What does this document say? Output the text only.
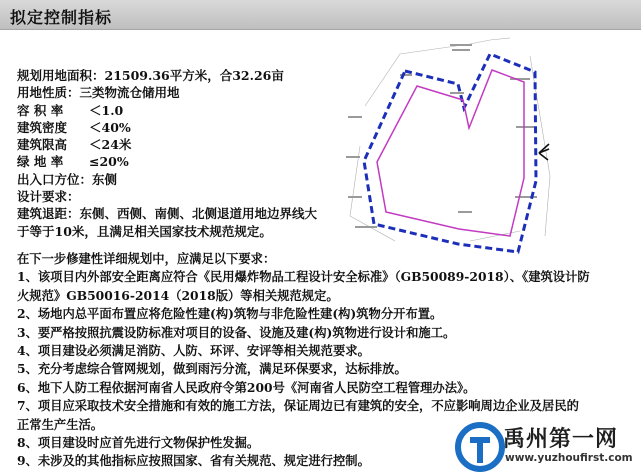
拟定控制指标
规划用地面积：21509.36平方米，合32.26亩
用地性质：三类物流仓储用地
容 积 率 ＜1.0
建筑密度 ＜40%
建筑限高 ＜24米
绿 地 率 ≤20%
出入口方位：东侧
设计要求：
建筑退距：东侧、西侧、南侧、北侧退道用地边界线大
于等于10米，且满足相关国家技术规范规定。
在下一步修建性详细规划中，应满足以下要求：
1、该项目内外部安全距离应符合《民用爆炸物品工程设计安全标准》（GB50089-2018）、《建筑设计防
火规范》GB50016-2014（2018版）等相关规范规定。
2、场地内总平面布置应将危险性建(构)筑物与非危险性建(构)筑物分开布置。
3、要严格按照抗震设防标准对项目的设备、设施及建(构)筑物进行设计和施工。
4、项目建设必须满足消防、人防、环评、安评等相关规范要求。
5、充分考虑综合管网规划，做到雨污分流，满足环保要求，达标排放。
6、地下人防工程依据河南省人民政府令第200号《河南省人民防空工程管理办法》。
7、项目应采取技术安全措施和有效的施工方法，保证周边已有建筑的安全，不应影响周边企业及居民的
正常生产生活。
8、项目建设时应首先进行文物保护性发掘。
9、未涉及的其他指标应按照国家、省有关规范、规定进行控制。
禹州第一网
www.yuzhoufirst.com
